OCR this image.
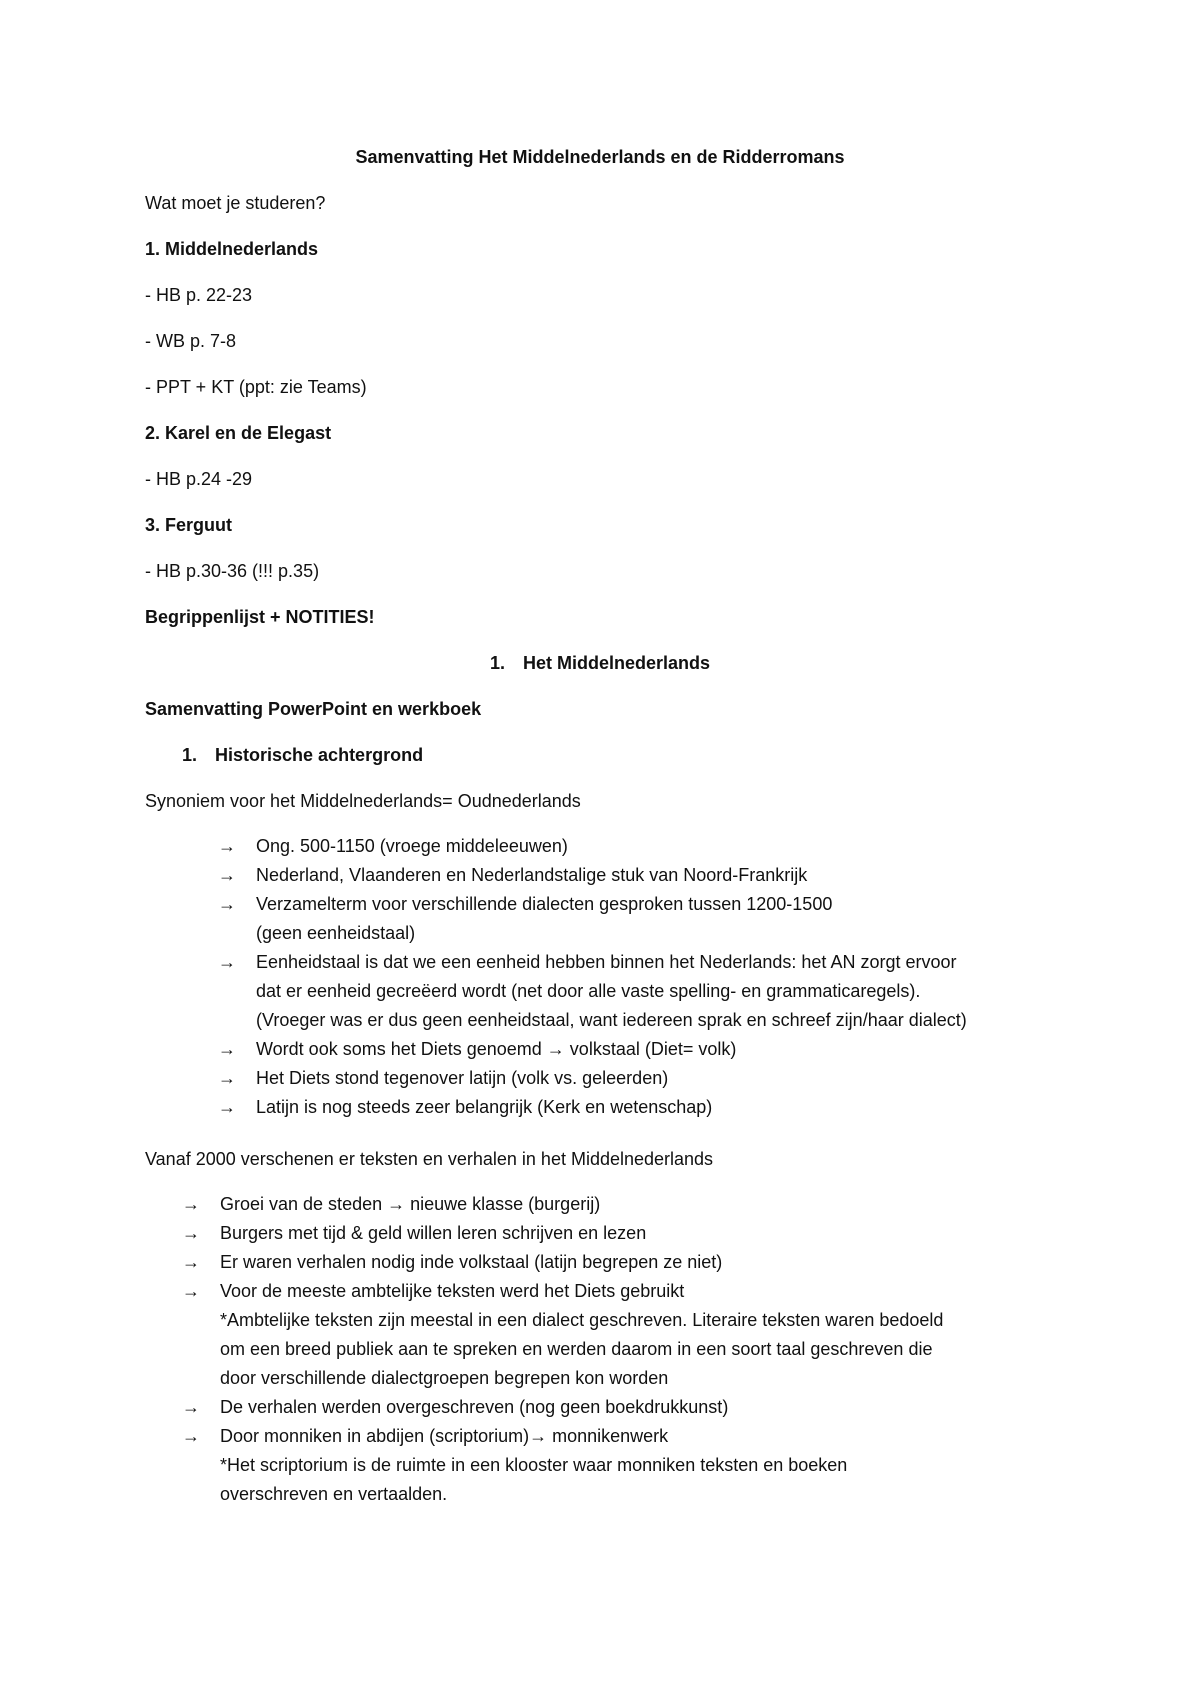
Samenvatting Het Middelnederlands en de Ridderromans
Wat moet je studeren?
1. Middelnederlands
- HB p. 22-23
- WB p. 7-8
- PPT + KT (ppt: zie Teams)
2. Karel en de Elegast
- HB p.24 -29
3. Ferguut
- HB p.30-36 (!!! p.35)
Begrippenlijst + NOTITIES!
1. Het Middelnederlands
Samenvatting PowerPoint en werkboek
1. Historische achtergrond
Synoniem voor het Middelnederlands= Oudnederlands
→ Ong. 500-1150 (vroege middeleeuwen)
→ Nederland, Vlaanderen en Nederlandstalige stuk van Noord-Frankrijk
→ Verzamelterm voor verschillende dialecten gesproken tussen 1200-1500
(geen eenheidstaal)
→ Eenheidstaal is dat we een eenheid hebben binnen het Nederlands: het AN zorgt ervoor
dat er eenheid gecreëerd wordt (net door alle vaste spelling- en grammaticaregels).
(Vroeger was er dus geen eenheidstaal, want iedereen sprak en schreef zijn/haar dialect)
→ Wordt ook soms het Diets genoemd → volkstaal (Diet= volk)
→ Het Diets stond tegenover latijn (volk vs. geleerden)
→ Latijn is nog steeds zeer belangrijk (Kerk en wetenschap)
Vanaf 2000 verschenen er teksten en verhalen in het Middelnederlands
→ Groei van de steden → nieuwe klasse (burgerij)
→ Burgers met tijd & geld willen leren schrijven en lezen
→ Er waren verhalen nodig inde volkstaal (latijn begrepen ze niet)
→ Voor de meeste ambtelijke teksten werd het Diets gebruikt
*Ambtelijke teksten zijn meestal in een dialect geschreven. Literaire teksten waren bedoeld
om een breed publiek aan te spreken en werden daarom in een soort taal geschreven die
door verschillende dialectgroepen begrepen kon worden
→ De verhalen werden overgeschreven (nog geen boekdrukkunst)
→ Door monniken in abdijen (scriptorium)→ monnikenwerk
*Het scriptorium is de ruimte in een klooster waar monniken teksten en boeken
overschreven en vertaalden.
